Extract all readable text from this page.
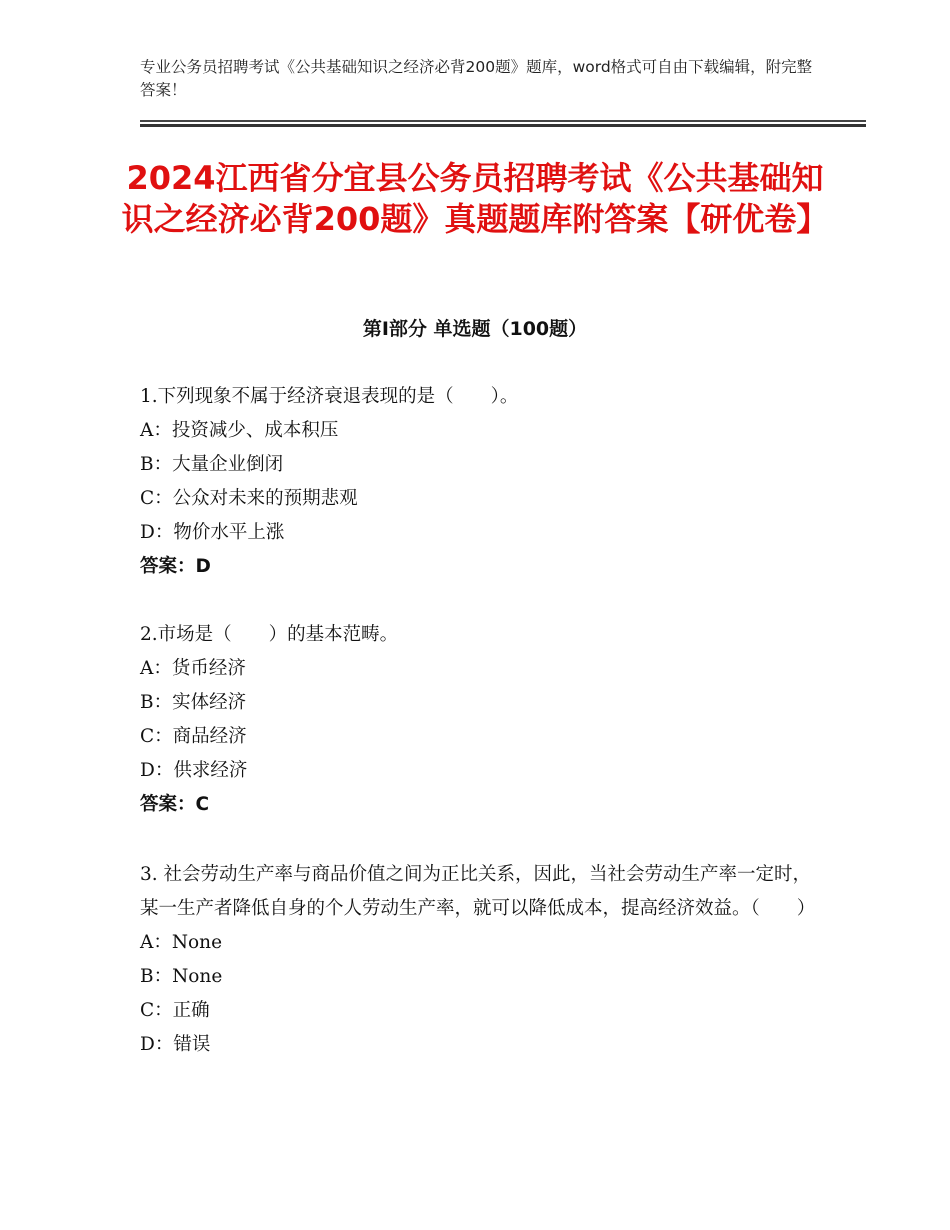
专业公务员招聘考试《公共基础知识之经济必背200题》题库，word格式可自由下载编辑，附完整答案！
2024江西省分宜县公务员招聘考试《公共基础知识之经济必背200题》真题题库附答案【研优卷】
第Ⅰ部分 单选题（100题）
1.下列现象不属于经济衰退表现的是（　　）。
A：投资减少、成本积压
B：大量企业倒闭
C：公众对未来的预期悲观
D：物价水平上涨
答案：D
2.市场是（　　）的基本范畴。
A：货币经济
B：实体经济
C：商品经济
D：供求经济
答案：C
3. 社会劳动生产率与商品价值之间为正比关系，因此，当社会劳动生产率一定时，某一生产者降低自身的个人劳动生产率，就可以降低成本，提高经济效益。（　　）
A：None
B：None
C：正确
D：错误
